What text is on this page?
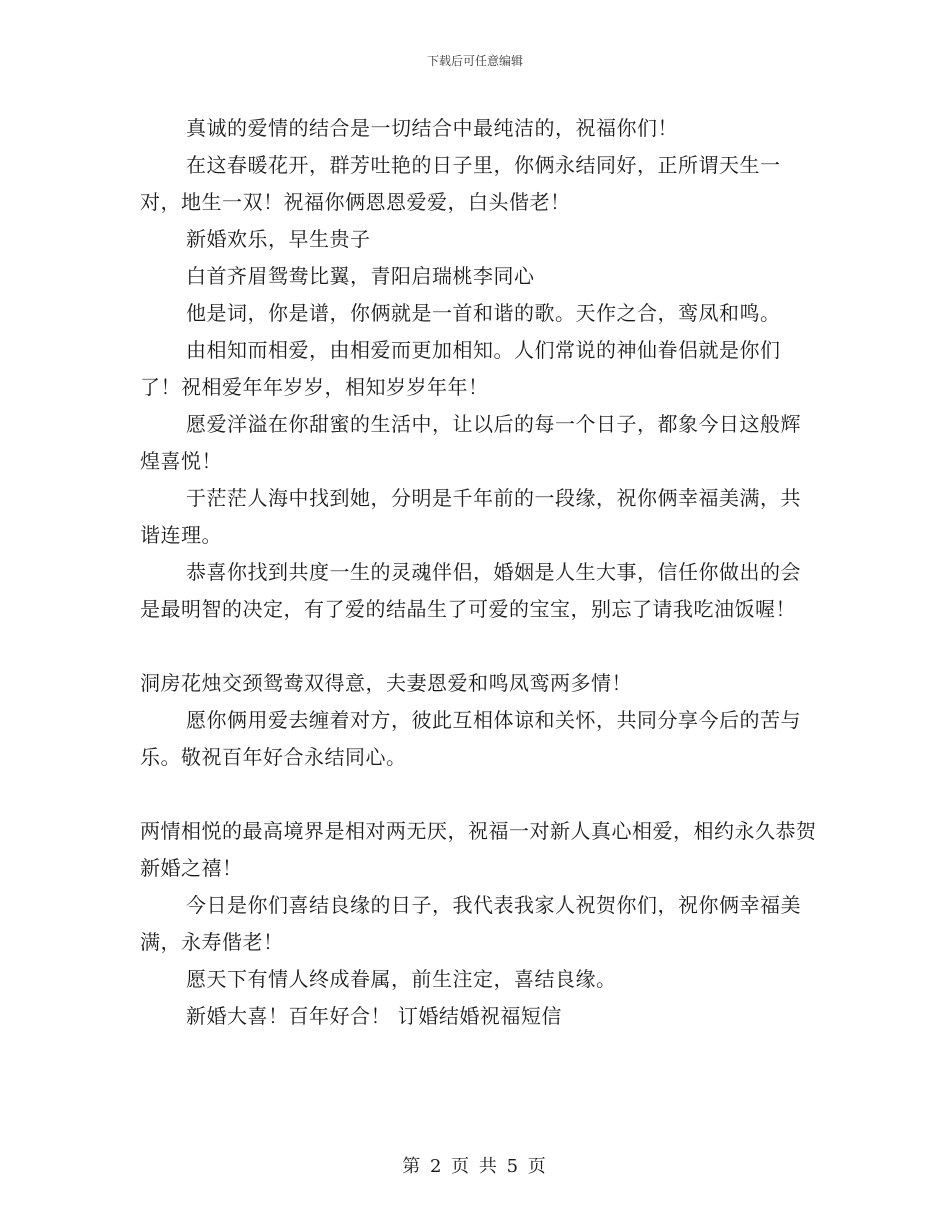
下载后可任意编辑

真诚的爱情的结合是一切结合中最纯洁的，祝福你们！

在这春暖花开，群芳吐艳的日子里，你俩永结同好，正所谓天生一对，地生一双！祝福你俩恩恩爱爱，白头偕老！

新婚欢乐，早生贵子

白首齐眉鸳鸯比翼，青阳启瑞桃李同心

他是词，你是谱，你俩就是一首和谐的歌。天作之合，鸾凤和鸣。

由相知而相爱，由相爱而更加相知。人们常说的神仙眷侣就是你们了！祝相爱年年岁岁，相知岁岁年年！

愿爱洋溢在你甜蜜的生活中，让以后的每一个日子，都象今日这般辉煌喜悦！

于茫茫人海中找到她，分明是千年前的一段缘，祝你俩幸福美满，共谐连理。

恭喜你找到共度一生的灵魂伴侣，婚姻是人生大事，信任你做出的会是最明智的决定，有了爱的结晶生了可爱的宝宝，别忘了请我吃油饭喔！

洞房花烛交颈鸳鸯双得意，夫妻恩爱和鸣凤鸾两多情！

愿你俩用爱去缠着对方，彼此互相体谅和关怀，共同分享今后的苦与乐。敬祝百年好合永结同心。

两情相悦的最高境界是相对两无厌，祝福一对新人真心相爱，相约永久恭贺新婚之禧！

今日是你们喜结良缘的日子，我代表我家人祝贺你们，祝你俩幸福美满，永寿偕老！

愿天下有情人终成眷属，前生注定，喜结良缘。

新婚大喜！百年好合！ 订婚结婚祝福短信

第 2 页 共 5 页
